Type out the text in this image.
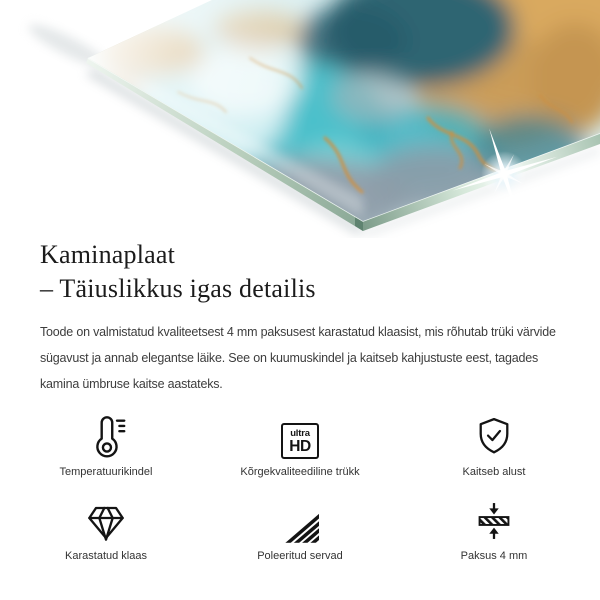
Kaminaplaat
– Täiuslikkus igas detailis

Toode on valmistatud kvaliteetsest 4 mm paksusest karastatud klaasist, mis rõhutab trüki värvide
sügavust ja annab elegantse läike. See on kuumuskindel ja kaitseb kahjustuste eest, tagades
kamina ümbruse kaitse aastateks.

Temperatuurikindel
ultra
HD
Kõrgekvaliteediline trükk	Kaitseb alust
Karastatud klaas	Poleeritud servad	Paksus 4 mm
